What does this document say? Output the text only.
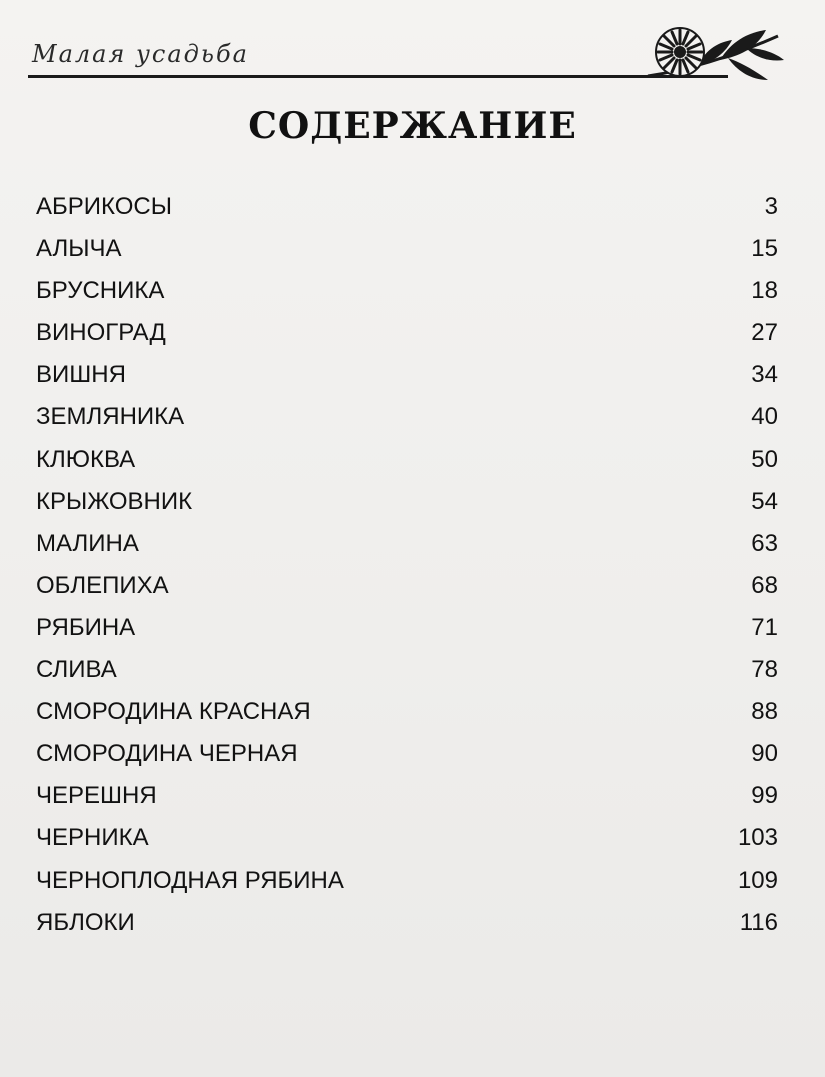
Малая усадьба
СОДЕРЖАНИЕ
АБРИКОСЫ . . .	3
АЛЫЧА . . .	15
БРУСНИКА . . .	18
ВИНОГРАД . . .	27
ВИШНЯ . . .	34
ЗЕМЛЯНИКА . . .	40
КЛЮКВА . . .	50
КРЫЖОВНИК . . .	54
МАЛИНА . . .	63
ОБЛЕПИХА . . .	68
РЯБИНА . . .	71
СЛИВА . . .	78
СМОРОДИНА КРАСНАЯ . . .	88
СМОРОДИНА ЧЕРНАЯ . . .	90
ЧЕРЕШНЯ . . .	99
ЧЕРНИКА . . .	103
ЧЕРНОПЛОДНАЯ РЯБИНА . . .	109
ЯБЛОКИ . . .	116
